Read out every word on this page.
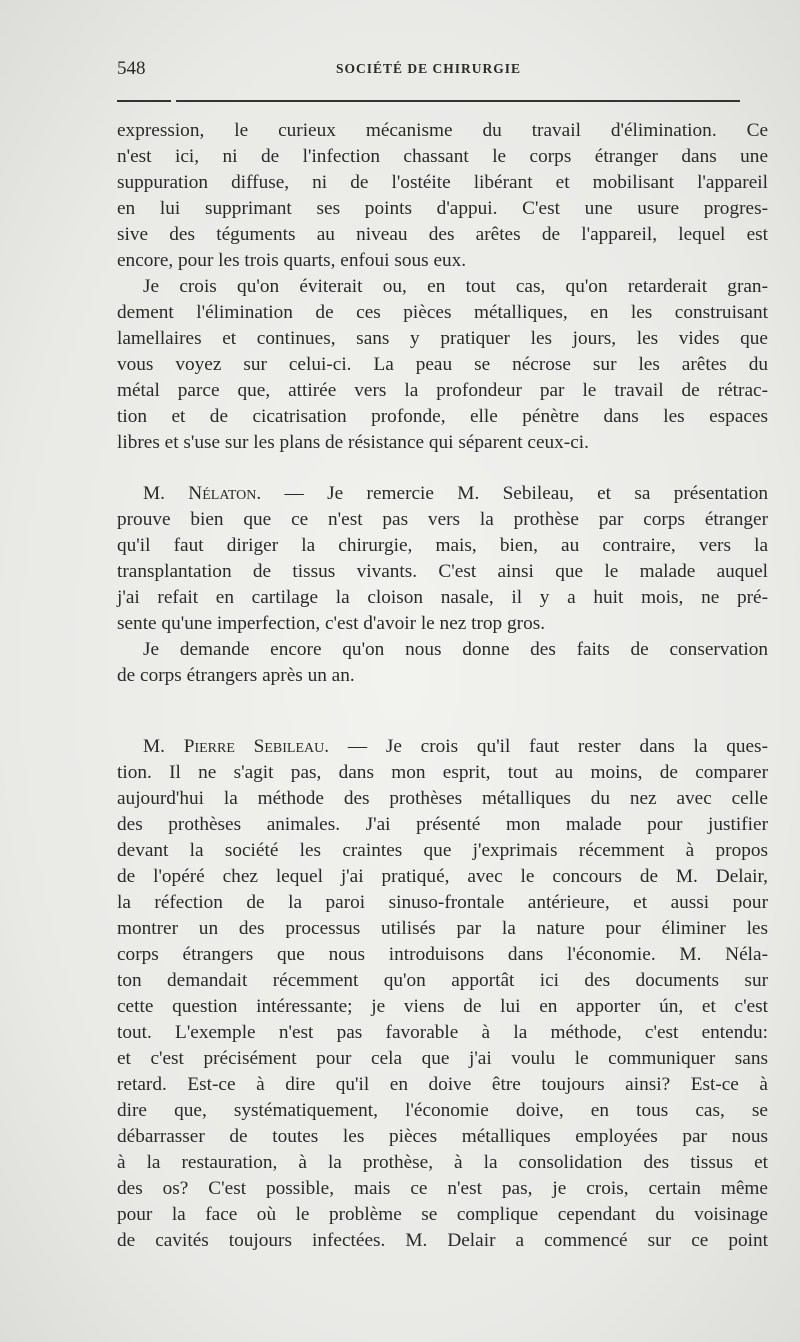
548	SOCIÉTÉ DE CHIRURGIE
expression, le curieux mécanisme du travail d'élimination. Ce
n'est ici, ni de l'infection chassant le corps étranger dans une
suppuration diffuse, ni de l'ostéite libérant et mobilisant l'appareil
en lui supprimant ses points d'appui. C'est une usure progres-
sive des téguments au niveau des arêtes de l'appareil, lequel est
encore, pour les trois quarts, enfoui sous eux.
Je crois qu'on éviterait ou, en tout cas, qu'on retarderait gran-
dement l'élimination de ces pièces métalliques, en les construisant
lamellaires et continues, sans y pratiquer les jours, les vides que
vous voyez sur celui-ci. La peau se nécrose sur les arêtes du
métal parce que, attirée vers la profondeur par le travail de rétrac-
tion et de cicatrisation profonde, elle pénètre dans les espaces
libres et s'use sur les plans de résistance qui séparent ceux-ci.
M. Nélaton. — Je remercie M. Sebileau, et sa présentation
prouve bien que ce n'est pas vers la prothèse par corps étranger
qu'il faut diriger la chirurgie, mais, bien, au contraire, vers la
transplantation de tissus vivants. C'est ainsi que le malade auquel
j'ai refait en cartilage la cloison nasale, il y a huit mois, ne pré-
sente qu'une imperfection, c'est d'avoir le nez trop gros.
Je demande encore qu'on nous donne des faits de conservation
de corps étrangers après un an.
M. Pierre Sebileau. — Je crois qu'il faut rester dans la ques-
tion. Il ne s'agit pas, dans mon esprit, tout au moins, de comparer
aujourd'hui la méthode des prothèses métalliques du nez avec celle
des prothèses animales. J'ai présenté mon malade pour justifier
devant la société les craintes que j'exprimais récemment à propos
de l'opéré chez lequel j'ai pratiqué, avec le concours de M. Delair,
la réfection de la paroi sinuso-frontale antérieure, et aussi pour
montrer un des processus utilisés par la nature pour éliminer les
corps étrangers que nous introduisons dans l'économie. M. Néla-
ton demandait récemment qu'on apportât ici des documents sur
cette question intéressante; je viens de lui en apporter ún, et c'est
tout. L'exemple n'est pas favorable à la méthode, c'est entendu:
et c'est précisément pour cela que j'ai voulu le communiquer sans
retard. Est-ce à dire qu'il en doive être toujours ainsi? Est-ce à
dire que, systématiquement, l'économie doive, en tous cas, se
débarrasser de toutes les pièces métalliques employées par nous
à la restauration, à la prothèse, à la consolidation des tissus et
des os? C'est possible, mais ce n'est pas, je crois, certain même
pour la face où le problème se complique cependant du voisinage
de cavités toujours infectées. M. Delair a commencé sur ce point
